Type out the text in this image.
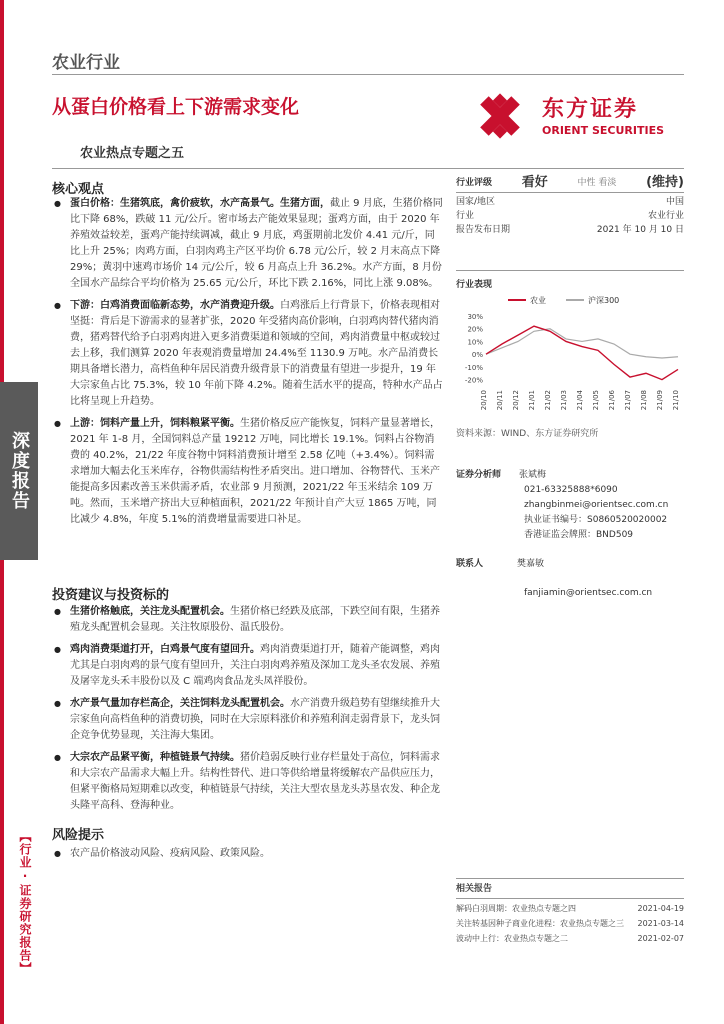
深度报告
【行业·证券研究报告】
农业行业
从蛋白价格看上下游需求变化
农业热点专题之五
东方证券
ORIENT SECURITIES
核心观点
● 蛋白价格：生猪筑底，禽价疲软，水产高景气。生猪方面，截止 9 月底，生猪价格同比下降 68%，跌破 11 元/公斤。密市场去产能效果显现；蛋鸡方面，由于 2020 年养殖效益较差，蛋鸡产能持续调减，截止 9 月底，鸡蛋期前北发价 4.41 元/斤，同比上升 25%；肉鸡方面，白羽肉鸡主产区平均价 6.78 元/公斤，较 2 月末高点下降 29%；黄羽中速鸡市场价 14 元/公斤，较 6 月高点上升 36.2%。水产方面，8 月份全国水产品综合平均价格为 25.65 元/公斤，环比下跌 2.16%，同比上涨 9.08%。
● 下游：白鸡消费面临新态势，水产消费迎升级。白鸡涨后上行背景下，价格表现相对坚挺：背后是下游需求的显著扩张，2020 年受猪肉高价影响，白羽鸡肉替代猪肉消费，猪鸡替代给予白羽鸡肉进入更多消费渠道和领域的空间，鸡肉消费量中枢或较过去上移，我们测算 2020 年表观消费量增加 24.4%至 1130.9 万吨。水产品消费长期具备增长潜力，高档鱼种年居民消费升级背景下的消费量有望进一步提升，19 年大宗家鱼占比 75.3%，较 10 年前下降 4.2%。随着生活水平的提高，特种水产品占比将呈现上升趋势。
● 上游：饲料产量上升，饲料粮紧平衡。生猪价格反应产能恢复，饲料产量显著增长，2021 年 1-8 月，全国饲料总产量 19212 万吨，同比增长 19.1%。饲料占谷物消费的 40.2%，21/22 年度谷物中饲料消费预计增至 2.58 亿吨（+3.4%）。饲料需求增加大幅去化玉米库存，谷物供需结构性矛盾突出。进口增加、谷物替代、玉米产能提高多因素改善玉米供需矛盾，农业部 9 月预测，2021/22 年玉米结余 109 万吨。然而，玉米增产挤出大豆种植面积，2021/22 年预计自产大豆 1865 万吨，同比减少 4.8%，年度 5.1%的消费增量需要进口补足。
投资建议与投资标的
● 生猪价格触底，关注龙头配置机会。生猪价格已经跌及底部，下跌空间有限，生猪养殖龙头配置机会显现。关注牧原股份、温氏股份。
● 鸡肉消费渠道打开，白鸡景气度有望回升。鸡肉消费渠道打开，随着产能调整，鸡肉尤其是白羽肉鸡的景气度有望回升，关注白羽肉鸡养殖及深加工龙头圣农发展、养殖及屠宰龙头禾丰股份以及 C 端鸡肉食品龙头凤祥股份。
● 水产景气量加存栏高企，关注饲料龙头配置机会。水产消费升级趋势有望继续推升大宗家鱼向高档鱼种的消费切换，同时在大宗原料涨价和养殖利润走弱背景下，龙头饲企竞争优势显现，关注海大集团。
● 大宗农产品紧平衡，种植链景气持续。猪价趋弱反映行业存栏量处于高位，饲料需求和大宗农产品需求大幅上升。结构性替代、进口等供给增量将缓解农产品供应压力，但紧平衡格局短期难以改变，种植链景气持续，关注大型农垦龙头苏垦农发、种企龙头隆平高科、登海种业。
风险提示
● 农产品价格波动风险、疫病风险、政策风险。
行业评级 看好	中性 看淡 (维持)
国家/地区	中国
行业	农业行业
报告发布日期	2021 年 10 月 10 日
行业表现
农业	沪深300
30%
20%
10%
0%
-10%
-20%
20/10 20/11 20/12 21/01 21/02 21/03 21/04 21/05 21/06 21/07 21/08 21/09 21/10
资料来源：WIND、东方证券研究所
证券分析师 张斌梅
021-63325888*6090
zhangbinmei@orientsec.com.cn
执业证书编号：S0860520020002
香港证监会牌照：BND509
联系人	樊嘉敏
fanjiamin@orientsec.com.cn
相关报告
解码白羽周期：农业热点专题之四	2021-04-19
关注转基因种子商业化进程：农业热点专题之三 2021-03-14
波动中上行：农业热点专题之二	2021-02-07
